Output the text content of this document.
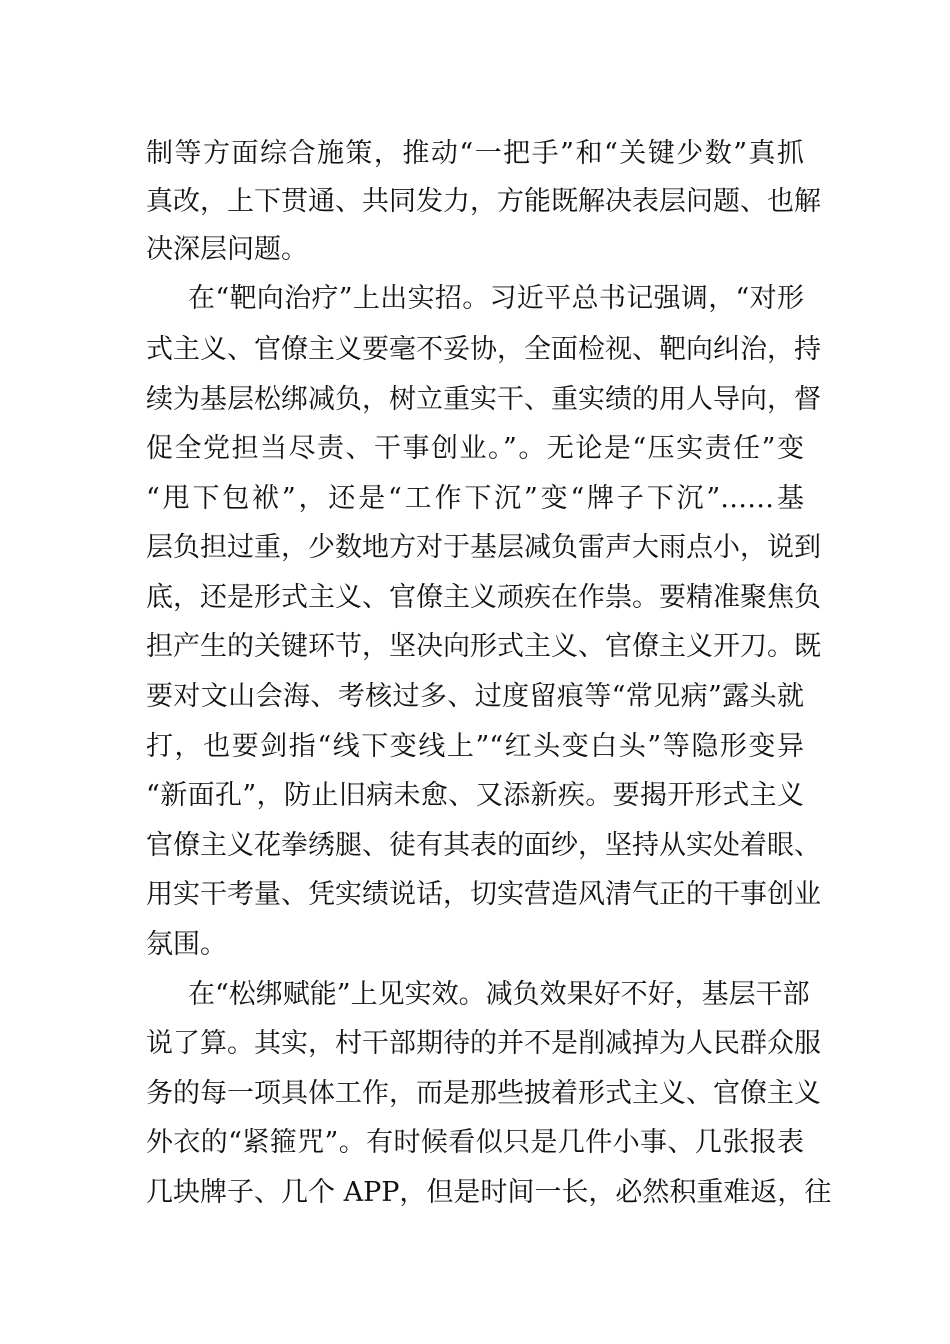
制等方面综合施策，推动“一把手”和“关键少数”真抓
真改，上下贯通、共同发力，方能既解决表层问题、也解
决深层问题。
在“靶向治疗”上出实招。习近平总书记强调，“对形
式主义、官僚主义要毫不妥协，全面检视、靶向纠治，持
续为基层松绑减负，树立重实干、重实绩的用人导向，督
促全党担当尽责、干事创业。”。无论是“压实责任”变
“甩下包袱”，还是“工作下沉”变“牌子下沉”……基
层负担过重，少数地方对于基层减负雷声大雨点小，说到
底，还是形式主义、官僚主义顽疾在作祟。要精准聚焦负
担产生的关键环节，坚决向形式主义、官僚主义开刀。既
要对文山会海、考核过多、过度留痕等“常见病”露头就
打，也要剑指“线下变线上”“红头变白头”等隐形变异
“新面孔”，防止旧病未愈、又添新疾。要揭开形式主义
官僚主义花拳绣腿、徒有其表的面纱，坚持从实处着眼、
用实干考量、凭实绩说话，切实营造风清气正的干事创业
氛围。
在“松绑赋能”上见实效。减负效果好不好，基层干部
说了算。其实，村干部期待的并不是削减掉为人民群众服
务的每一项具体工作，而是那些披着形式主义、官僚主义
外衣的“紧箍咒”。有时候看似只是几件小事、几张报表
几块牌子、几个 APP，但是时间一长，必然积重难返，往
